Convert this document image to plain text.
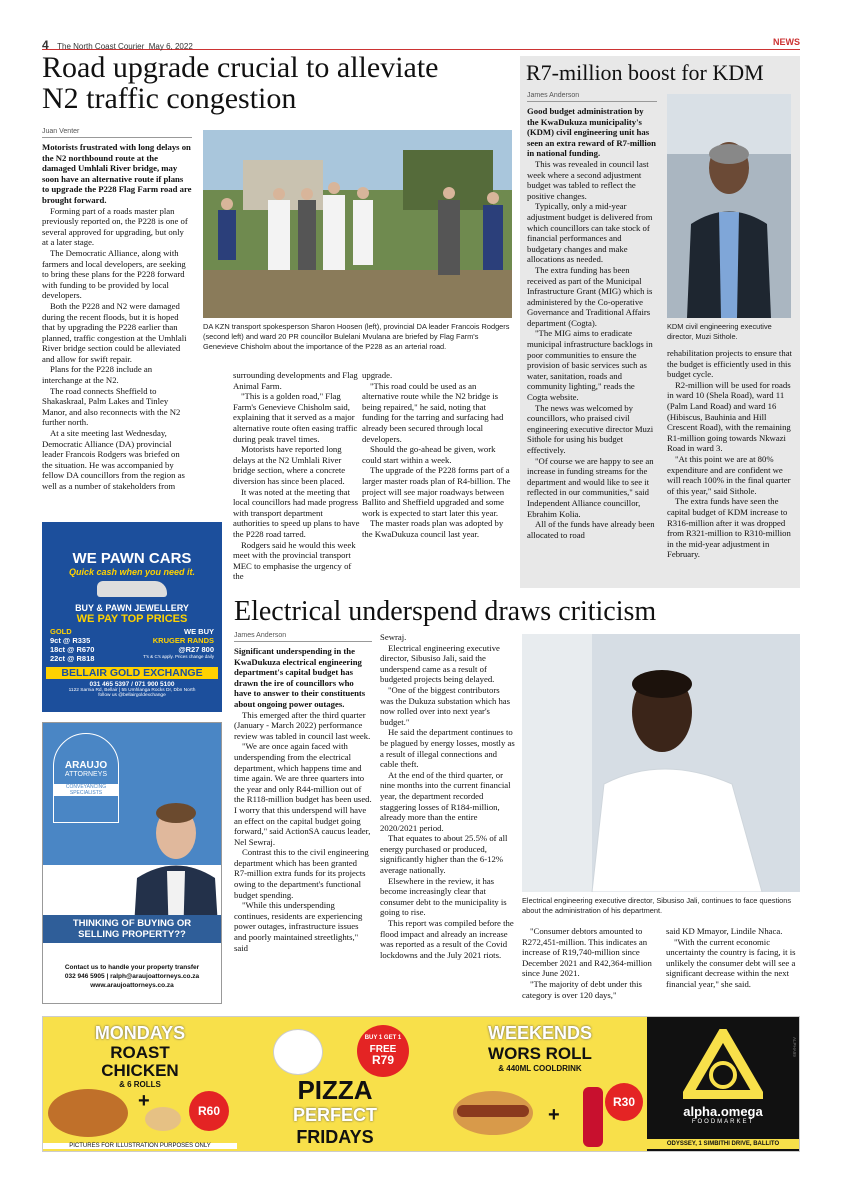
4 The North Coast Courier May 6, 2022	NEWS
Road upgrade crucial to alleviate
N2 traffic congestion
Juan Venter

Motorists frustrated with long delays on the N2 northbound route at the damaged Umhlali River bridge, may soon have an alternative route if plans to upgrade the P228 Flag Farm road are brought forward.

Forming part of a roads master plan previously reported on, the P228 is one of several approved for upgrading, but only at a later stage.

The Democratic Alliance, along with farmers and local developers, are seeking to bring these plans for the P228 forward with funding to be provided by local developers.

Both the P228 and N2 were damaged during the recent floods, but it is hoped that by upgrading the P228 earlier than planned, traffic congestion at the Umhlali River bridge section could be alleviated and allow for swift repair.

Plans for the P228 include an interchange at the N2.

The road connects Sheffield to Shakaskraal, Palm Lakes and Tinley Manor, and also reconnects with the N2 further north.

At a site meeting last Wednesday, Democratic Alliance (DA) provincial leader Francois Rodgers was briefed on the situation. He was accompanied by fellow DA councillors from the region as well as a number of stakeholders from

DA KZN transport spokesperson Sharon Hoosen (left), provincial DA leader Francois Rodgers (second left) and ward 20 PR councillor Bulelani Mvulana are briefed by Flag Farm's Genevieve Chisholm about the importance of the P228 as an arterial road.

surrounding developments and Flag Animal Farm.

"This is a golden road," Flag Farm's Genevieve Chisholm said, explaining that it served as a major alternative route often easing traffic during peak travel times.

Motorists have reported long delays at the N2 Umhlali River bridge section, where a concrete diversion has since been placed.

It was noted at the meeting that local councillors had made progress with transport department authorities to speed up plans to have the P228 road tarred.

Rodgers said he would this week meet with the provincial transport MEC to emphasise the urgency of the

upgrade.

"This road could be used as an alternative route while the N2 bridge is being repaired," he said, noting that funding for the tarring and surfacing had already been secured through local developers.

Should the go-ahead be given, work could start within a week.

The upgrade of the P228 forms part of a larger master roads plan of R4-billion. The project will see major roadways between Ballito and Sheffield upgraded and some work is expected to start later this year.

The master roads plan was adopted by the KwaDukuza council last year.

R7-million boost for KDM
James Anderson

Good budget administration by the KwaDukuza municipality's (KDM) civil engineering unit has seen an extra reward of R7-million in national funding.

This was revealed in council last week where a second adjustment budget was tabled to reflect the positive changes.

Typically, only a mid-year adjustment budget is delivered from which councillors can take stock of financial performances and budgetary changes and make allocations as needed.

The extra funding has been received as part of the Municipal Infrastructure Grant (MIG) which is administered by the Co-operative Governance and Traditional Affairs department (Cogta).

"The MIG aims to eradicate municipal infrastructure backlogs in poor communities to ensure the provision of basic services such as water, sanitation, roads and community lighting," reads the Cogta website.

The news was welcomed by councillors, who praised civil engineering executive director Muzi Sithole for using his budget effectively.

"Of course we are happy to see an increase in funding streams for the department and would like to see it reflected in our communities," said Independent Alliance councillor, Ebrahim Kolia.

All of the funds have already been allocated to road

KDM civil engineering executive director, Muzi Sithole.

rehabilitation projects to ensure that the budget is efficiently used in this budget cycle.

R2-million will be used for roads in ward 10 (Shela Road), ward 11 (Palm Land Road) and ward 16 (Hibiscus, Bauhinia and Hill Crescent Road), with the remaining R1-million going towards Nkwazi Road in ward 3.

"At this point we are at 80% expenditure and are confident we will reach 100% in the final quarter of this year," said Sithole.

The extra funds have seen the capital budget of KDM increase to R316-million after it was dropped from R321-million to R310-million in the mid-year adjustment in February.

WE PAWN CARS
Quick cash when you need it.
BUY & PAWN JEWELLERY
WE PAY TOP PRICES
GOLD
9ct @ R335
18ct @ R670
22ct @ R818
WE BUY
KRUGER RANDS
@R27 800
T's & C's apply. Prices change daily
BELLAIR GOLD EXCHANGE
031 465 5397 / 071 900 5100
1122 Sarnia Rd, Bellair | 55 Umhlanga Rocks Dr, Dbn North
follow us @bellairgoldexchange
ARAUJO
ATTORNEYS
CONVEYANCING
SPECIALISTS
THINKING OF BUYING OR
SELLING PROPERTY??
Contact us to handle your property transfer
032 946 5905 | ralph@araujoattorneys.co.za
www.araujoattorneys.co.za
Electrical underspend draws criticism
James Anderson

Significant underspending in the KwaDukuza electrical engineering department's capital budget has drawn the ire of councillors who have to answer to their constituents about ongoing power outages.

This emerged after the third quarter (January - March 2022) performance review was tabled in council last week.

"We are once again faced with underspending from the electrical department, which happens time and time again. We are three quarters into the year and only R44-million out of the R118-million budget has been used. I worry that this underspend will have an effect on the capital budget going forward," said ActionSA caucus leader, Nel Sewraj.

Contrast this to the civil engineering department which has been granted R7-million extra funds for its projects owing to the department's functional budget spending.

"While this underspending continues, residents are experiencing power outages, infrastructure issues and poorly maintained streetlights," said

Sewraj.

Electrical engineering executive director, Sibusiso Jali, said the underspend came as a result of budgeted projects being delayed.

"One of the biggest contributors was the Dukuza substation which has now rolled over into next year's budget."

He said the department continues to be plagued by energy losses, mostly as a result of illegal connections and cable theft.

At the end of the third quarter, or nine months into the current financial year, the department recorded staggering losses of R184-million, already more than the entire 2020/2021 period.

That equates to about 25.5% of all energy purchased or produced, significantly higher than the 6-12% average nationally.

Elsewhere in the review, it has become increasingly clear that consumer debt to the municipality is going to rise.

This report was compiled before the flood impact and already an increase was reported as a result of the Covid lockdowns and the July 2021 riots.

Electrical engineering executive director, Sibusiso Jali, continues to face questions about the administration of his department.

"Consumer debtors amounted to R272,451-million. This indicates an increase of R19,740-million since December 2021 and R42,364-million since June 2021.

"The majority of debt under this category is over 120 days,"

said KD Mmayor, Lindile Nhaca.

"With the current economic uncertainty the country is facing, it is unlikely the consumer debt will see a significant decrease within the next financial year," she said.

MONDAYS
ROAST
CHICKEN
& 6 ROLLS
+	R60
PICTURES FOR ILLUSTRATION PURPOSES ONLY
BUY 1 GET 1
FREE
R79
PIZZA
PERFECT
FRIDAYS
WEEKENDS
WORS ROLL
& 440ML COOLDRINK
+
R30
alpha.omega
FOODMARKET
ODYSSEY, 1 SIMBITHI DRIVE, BALLITO
ALPHA99
